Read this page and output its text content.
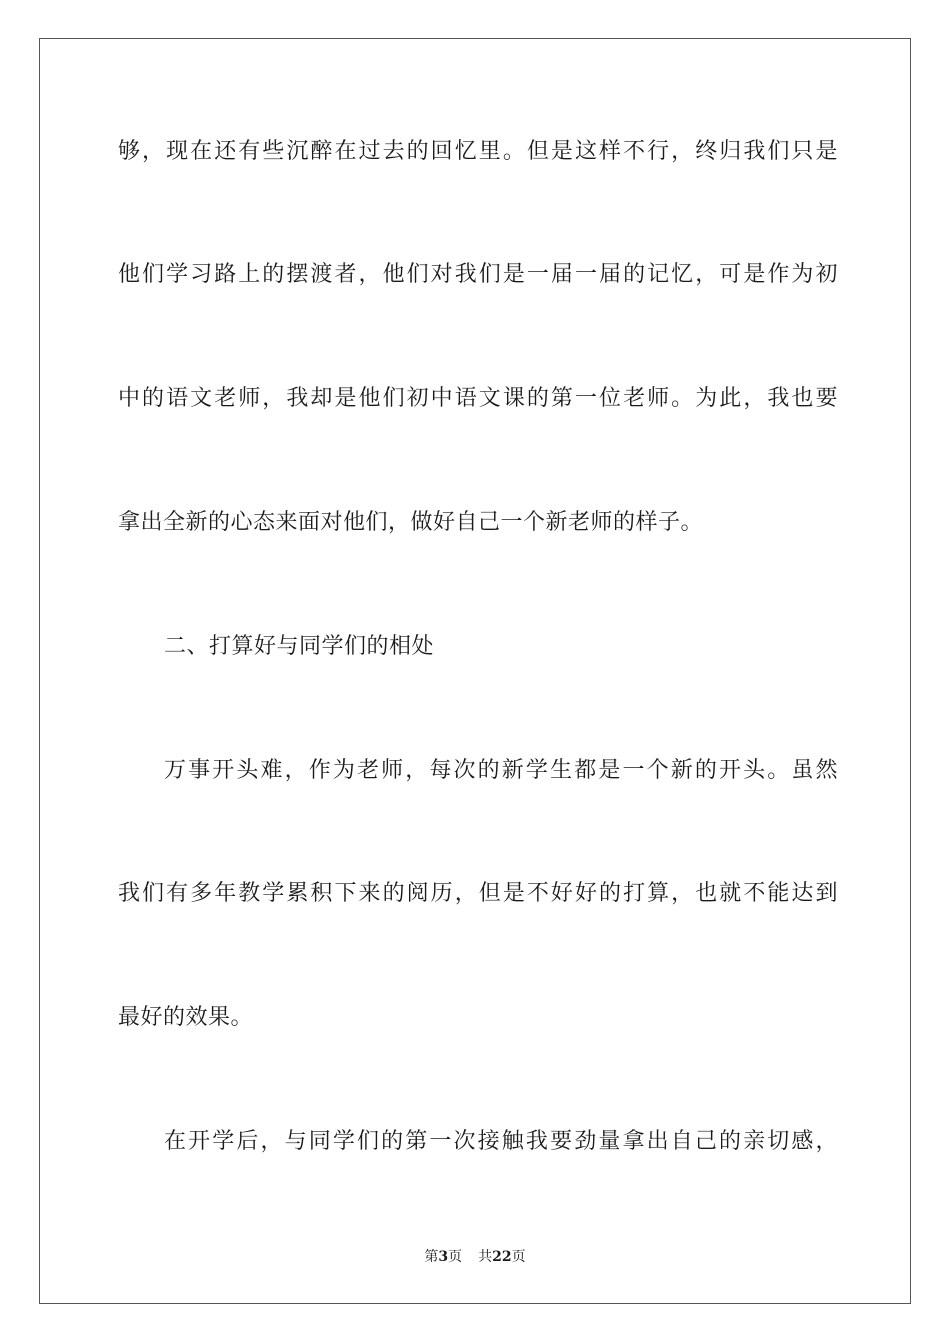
够，现在还有些沉醉在过去的回忆里。但是这样不行，终归我们只是
他们学习路上的摆渡者，他们对我们是一届一届的记忆，可是作为初
中的语文老师，我却是他们初中语文课的第一位老师。为此，我也要
拿出全新的心态来面对他们，做好自己一个新老师的样子。
二、打算好与同学们的相处
万事开头难，作为老师，每次的新学生都是一个新的开头。虽然
我们有多年教学累积下来的阅历，但是不好好的打算，也就不能达到
最好的效果。
在开学后，与同学们的第一次接触我要劲量拿出自己的亲切感，
第3页 共22页
